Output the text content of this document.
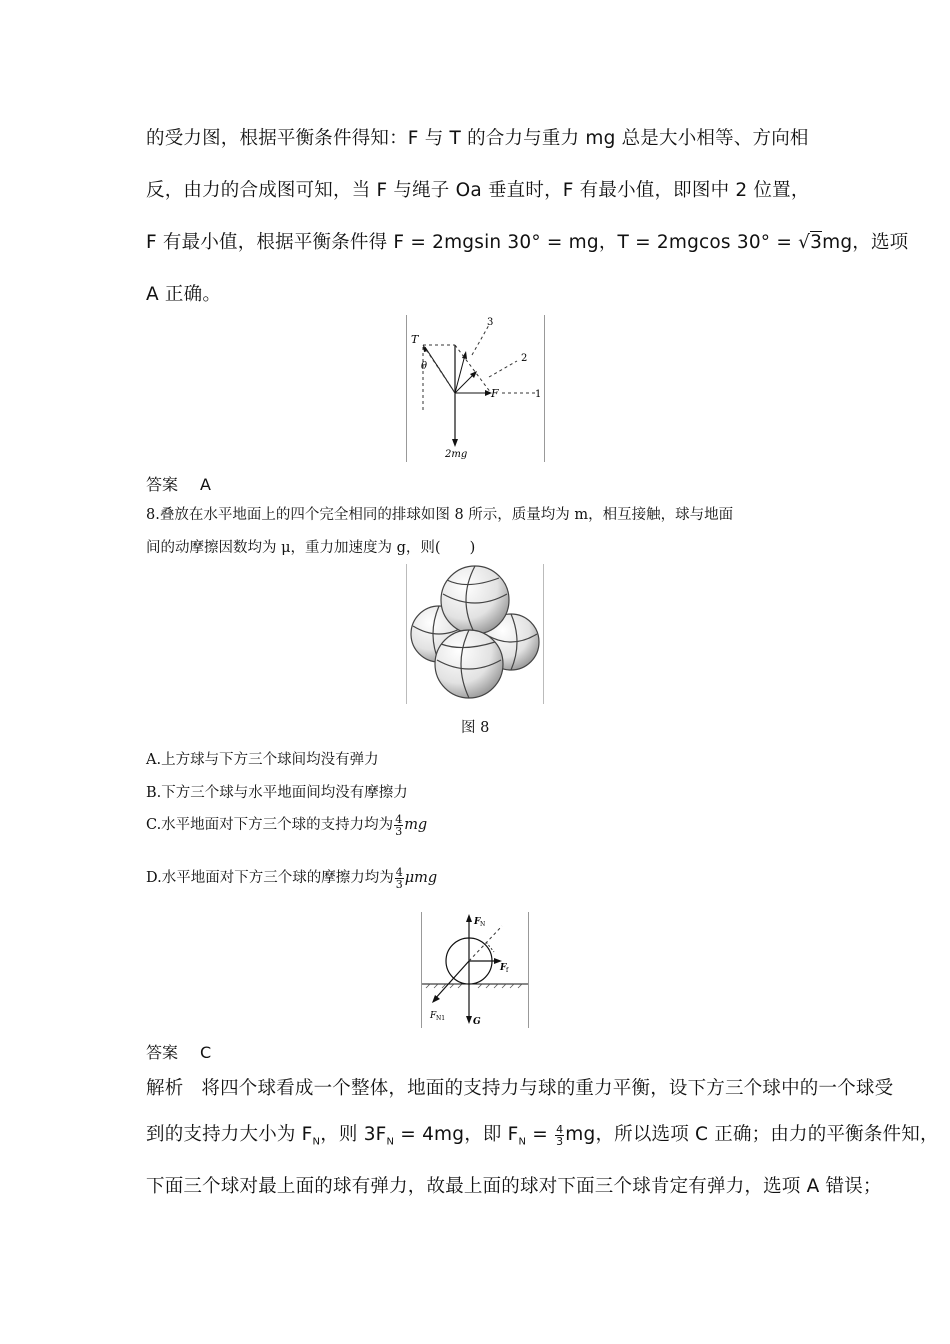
的受力图，根据平衡条件得知：F 与 T 的合力与重力 mg 总是大小相等、方向相
反，由力的合成图可知，当 F 与绳子 Oa 垂直时，F 有最小值，即图中 2 位置，
F 有最小值，根据平衡条件得 F = 2mgsin 30° = mg，T = 2mgcos 30° = √3mg，选项
A 正确。
T
θ
F
2mg
1
2
3
答案 A
8.叠放在水平地面上的四个完全相同的排球如图 8 所示，质量均为 m，相互接触，球与地面
间的动摩擦因数均为 μ，重力加速度为 g，则(　　)
图 8
A.上方球与下方三个球间均没有弹力
B.下方三个球与水平地面间均没有摩擦力
C.水平地面对下方三个球的支持力均为 $\frac{4}{3}$ mg
D.水平地面对下方三个球的摩擦力均为 $\frac{4}{3}$ μmg
F N
F f
F N1	G
答案 C
解析 将四个球看成一个整体，地面的支持力与球的重力平衡，设下方三个球中的一个球受
到的支持力大小为 $F_N$，则 $3F_N = 4mg$，即 $F_N = \frac{4}{3}$ mg，所以选项 C 正确；由力的平衡条件知，
下面三个球对最上面的球有弹力，故最上面的球对下面三个球肯定有弹力，选项 A 错误；
